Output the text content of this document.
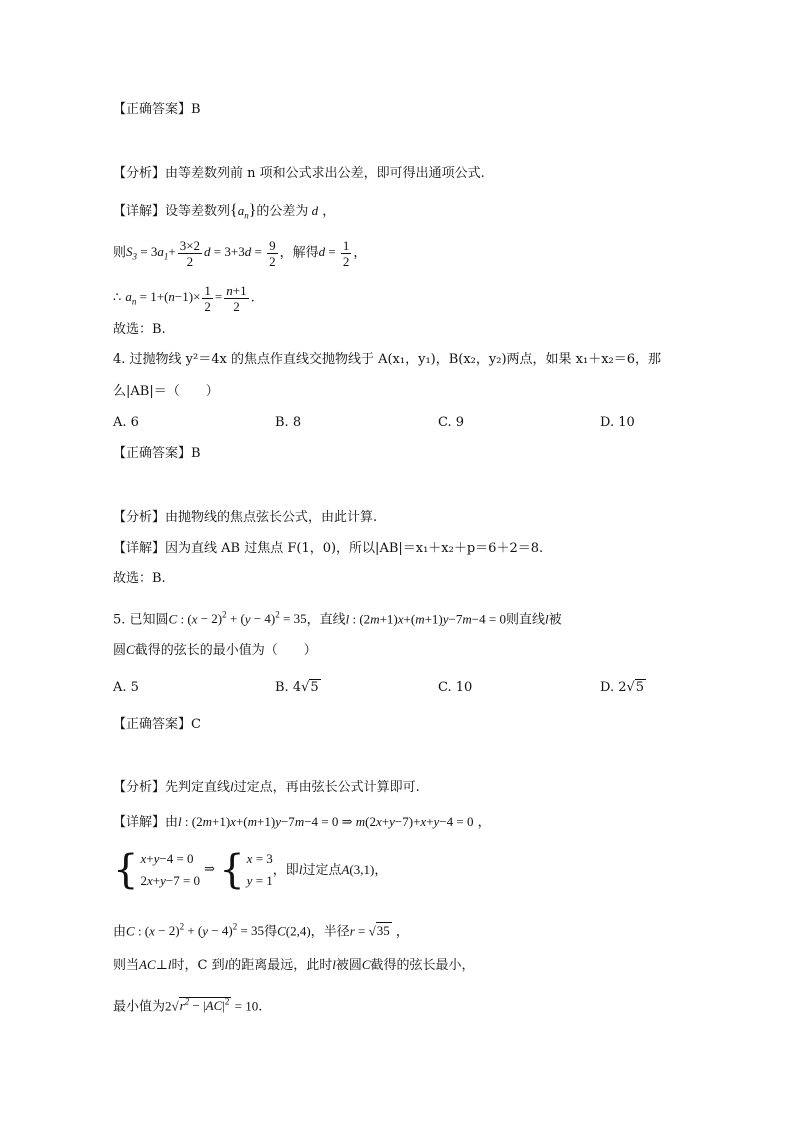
【正确答案】B
【分析】由等差数列前 n 项和公式求出公差，即可得出通项公式.
【详解】设等差数列$\{a_n\}$的公差为 d ，
则$S_3 = 3a_1+ \frac{3\times 2}{2}$ $d = 3+3d = \frac{9}{2}$ ，解得$d = \frac{1}{2}$ ，
∴ $a_n = 1+(n-1)\times \frac{1}{2} = \frac{n+1}{2}$ .
故选：B.
4. 过抛物线 y²＝4x 的焦点作直线交抛物线于 A(x₁，y₁)，B(x₂，y₂)两点，如果 x₁＋x₂＝6，那
么|AB|＝（　　）
A. 6	B. 8	C. 9	D. 10
【正确答案】B
【分析】由抛物线的焦点弦长公式，由此计算.
【详解】因为直线 AB 过焦点 F(1，0)，所以|AB|＝x₁＋x₂＋p＝6＋2＝8.
故选：B.
5. 已知圆C : $(x - 2)^2 + (y - 4)^2 = 35$，直线l : (2m+1)x+(m+1)y−7m−4 = 0则直线l被
圆C截得的弦长的最小值为（　　）
A. 5	B. 4√5	C. 10	D. 2√5
【正确答案】C
【分析】先判定直线l过定点，再由弦长公式计算即可.
【详解】由l : (2m+1)x+(m+1)y−7m−4 = 0 ⇒ m(2x+y−7)+x+y−4 = 0 ，
{ x+y−4 = 0
2x+y−7 = 0 ⇒ { x = 3
y = 1，即l过定点A(3,1)，
由C : $(x - 2)^2 + (y - 4)^2 = 35$得C(2,4)，半径r = √35 ，
则当AC⊥l时，C 到l的距离最远，此时l被圆C截得的弦长最小，
最小值为$2√r^2 - |AC|^2 = 10$.
